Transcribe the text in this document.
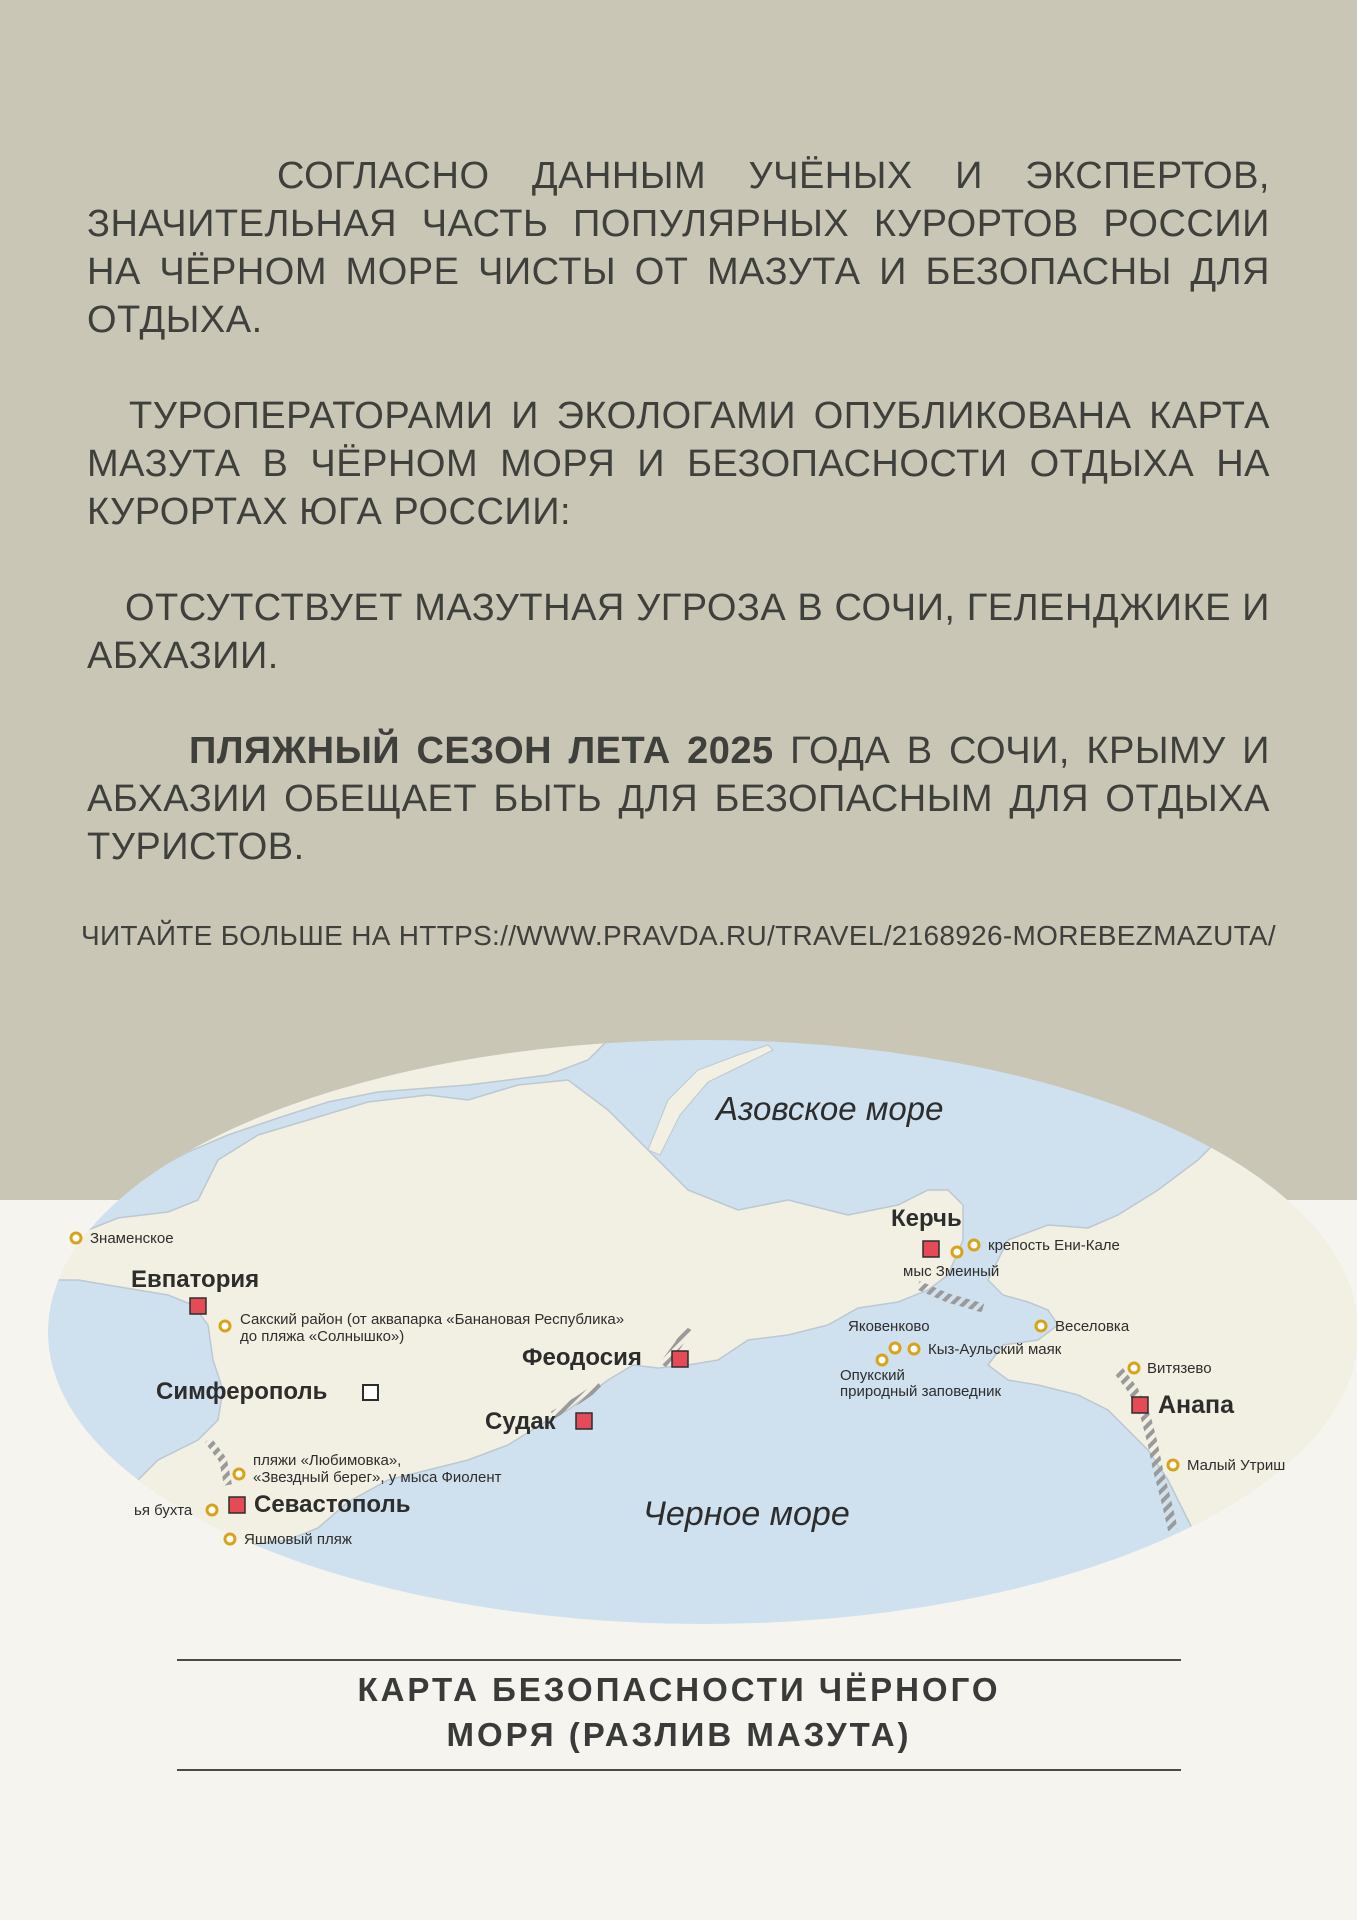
СОГЛАСНО ДАННЫМ УЧЁНЫХ И ЭКСПЕРТОВ, ЗНАЧИТЕЛЬНАЯ ЧАСТЬ ПОПУЛЯРНЫХ КУРОРТОВ РОССИИ НА ЧЁРНОМ МОРЕ ЧИСТЫ ОТ МАЗУТА И БЕЗОПАСНЫ ДЛЯ ОТДЫХА.
ТУРОПЕРАТОРАМИ И ЭКОЛОГАМИ ОПУБЛИКОВАНА КАРТА МАЗУТА В ЧЁРНОМ МОРЯ И БЕЗОПАСНОСТИ ОТДЫХА НА КУРОРТАХ ЮГА РОССИИ:
ОТСУТСТВУЕТ МАЗУТНАЯ УГРОЗА В СОЧИ, ГЕЛЕНДЖИКЕ И АБХАЗИИ.
ПЛЯЖНЫЙ СЕЗОН ЛЕТА 2025 ГОДА В СОЧИ, КРЫМУ И АБХАЗИИ ОБЕЩАЕТ БЫТЬ ДЛЯ БЕЗОПАСНЫМ ДЛЯ ОТДЫХА ТУРИСТОВ.
ЧИТАЙТЕ БОЛЬШЕ НА HTTPS://WWW.PRAVDA.RU/TRAVEL/2168926-MOREBEZMAZUTA/
Азовское море
Черное море
Евпатория
Симферополь
Севастополь
Феодосия
Судак
Керчь
Анапа
Знаменское
Сакский район (от аквапарка «Банановая Республика»
до пляжа «Солнышко»)
пляжи «Любимовка»,
«Звездный берег», у мыса Фиолент
ья бухта
Яшмовый пляж
крепость Ени-Кале
мыс Змеиный
Яковенково
Кыз-Аульский маяк
Опукский
природный заповедник
Веселовка
Витязево
Малый Утриш
КАРТА БЕЗОПАСНОСТИ ЧЁРНОГО
МОРЯ (РАЗЛИВ МАЗУТА)
